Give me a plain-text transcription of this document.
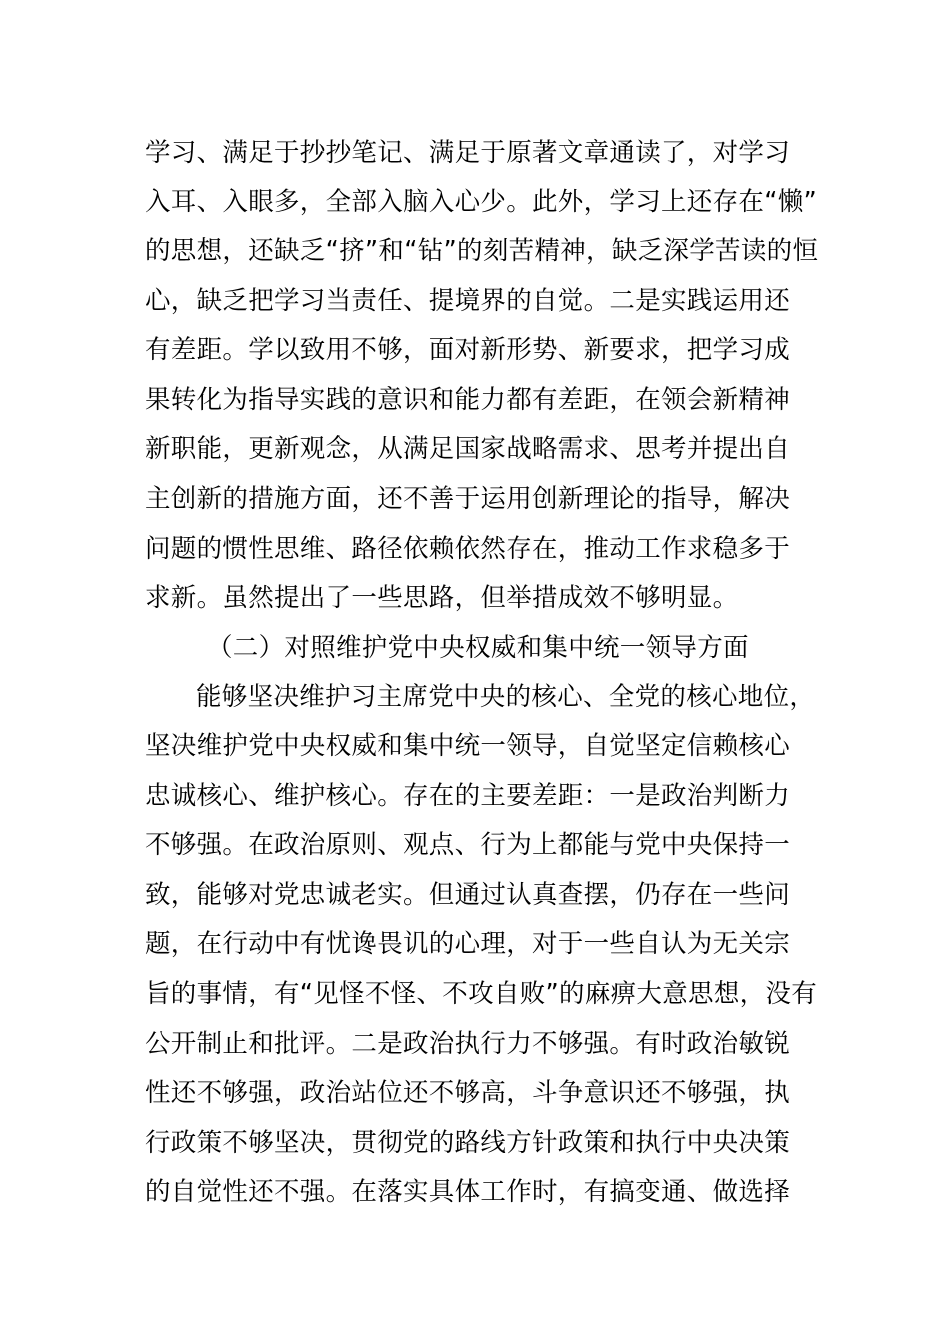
学习、满足于抄抄笔记、满足于原著文章通读了，对学习
入耳、入眼多，全部入脑入心少。此外，学习上还存在“懒”
的思想，还缺乏“挤”和“钻”的刻苦精神，缺乏深学苦读的恒
心，缺乏把学习当责任、提境界的自觉。二是实践运用还
有差距。学以致用不够，面对新形势、新要求，把学习成
果转化为指导实践的意识和能力都有差距，在领会新精神
新职能，更新观念，从满足国家战略需求、思考并提出自
主创新的措施方面，还不善于运用创新理论的指导，解决
问题的惯性思维、路径依赖依然存在，推动工作求稳多于
求新。虽然提出了一些思路，但举措成效不够明显。
（二）对照维护党中央权威和集中统一领导方面
能够坚决维护习主席党中央的核心、全党的核心地位，
坚决维护党中央权威和集中统一领导，自觉坚定信赖核心
忠诚核心、维护核心。存在的主要差距：一是政治判断力
不够强。在政治原则、观点、行为上都能与党中央保持一
致，能够对党忠诚老实。但通过认真查摆，仍存在一些问
题，在行动中有忧谗畏讥的心理，对于一些自认为无关宗
旨的事情，有“见怪不怪、不攻自败”的麻痹大意思想，没有
公开制止和批评。二是政治执行力不够强。有时政治敏锐
性还不够强，政治站位还不够高，斗争意识还不够强，执
行政策不够坚决，贯彻党的路线方针政策和执行中央决策
的自觉性还不强。在落实具体工作时，有搞变通、做选择
